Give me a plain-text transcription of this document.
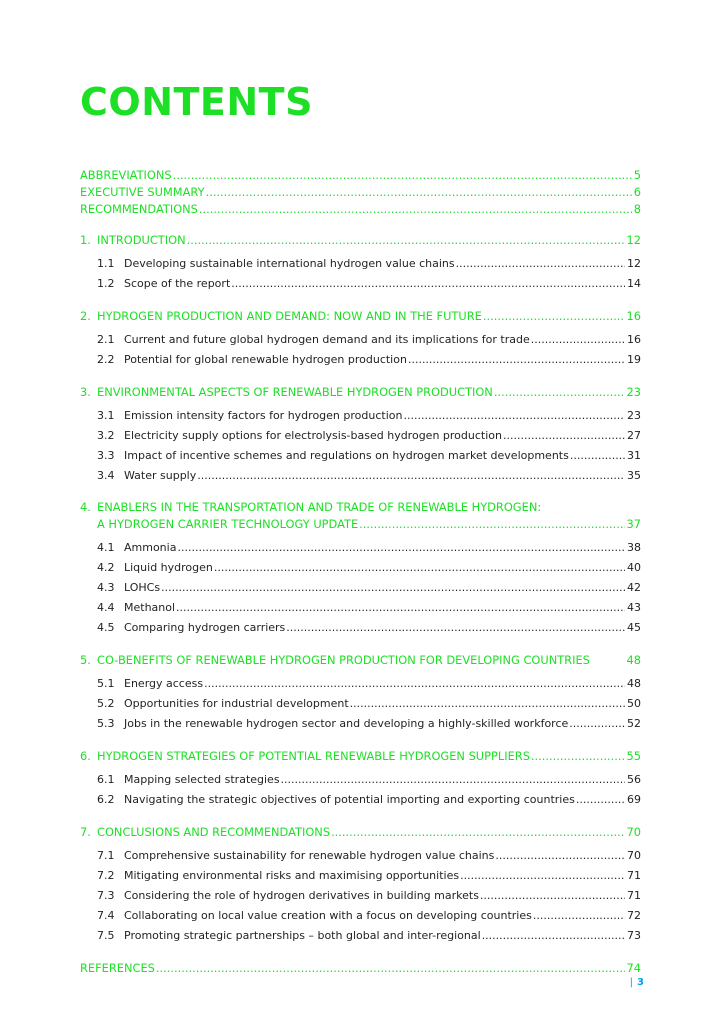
CONTENTS
ABBREVIATIONS .....	5
EXECUTIVE SUMMARY .....	6
RECOMMENDATIONS .....	8
1. INTRODUCTION .....	12
1.1 Developing sustainable international hydrogen value chains .....	12
1.2 Scope of the report .....	14
2. HYDROGEN PRODUCTION AND DEMAND: NOW AND IN THE FUTURE .....	16
2.1 Current and future global hydrogen demand and its implications for trade .....	16
2.2 Potential for global renewable hydrogen production .....	19
3. ENVIRONMENTAL ASPECTS OF RENEWABLE HYDROGEN PRODUCTION .....	23
3.1 Emission intensity factors for hydrogen production .....	23
3.2 Electricity supply options for electrolysis-based hydrogen production .....	27
3.3 Impact of incentive schemes and regulations on hydrogen market developments .....	31
3.4 Water supply .....	35
4. ENABLERS IN THE TRANSPORTATION AND TRADE OF RENEWABLE HYDROGEN:
A HYDROGEN CARRIER TECHNOLOGY UPDATE .....	37
4.1 Ammonia .....	38
4.2 Liquid hydrogen .....	40
4.3 LOHCs .....	42
4.4 Methanol .....	43
4.5 Comparing hydrogen carriers .....	45
5. CO-BENEFITS OF RENEWABLE HYDROGEN PRODUCTION FOR DEVELOPING COUNTRIES	48
5.1 Energy access .....	48
5.2 Opportunities for industrial development .....	50
5.3 Jobs in the renewable hydrogen sector and developing a highly-skilled workforce .....	52
6. HYDROGEN STRATEGIES OF POTENTIAL RENEWABLE HYDROGEN SUPPLIERS .....	55
6.1 Mapping selected strategies .....	56
6.2 Navigating the strategic objectives of potential importing and exporting countries .....	69
7. CONCLUSIONS AND RECOMMENDATIONS .....	70
7.1 Comprehensive sustainability for renewable hydrogen value chains .....	70
7.2 Mitigating environmental risks and maximising opportunities .....	71
7.3 Considering the role of hydrogen derivatives in building markets .....	71
7.4 Collaborating on local value creation with a focus on developing countries .....	72
7.5 Promoting strategic partnerships – both global and inter-regional .....	73
REFERENCES .....	74
| 3
